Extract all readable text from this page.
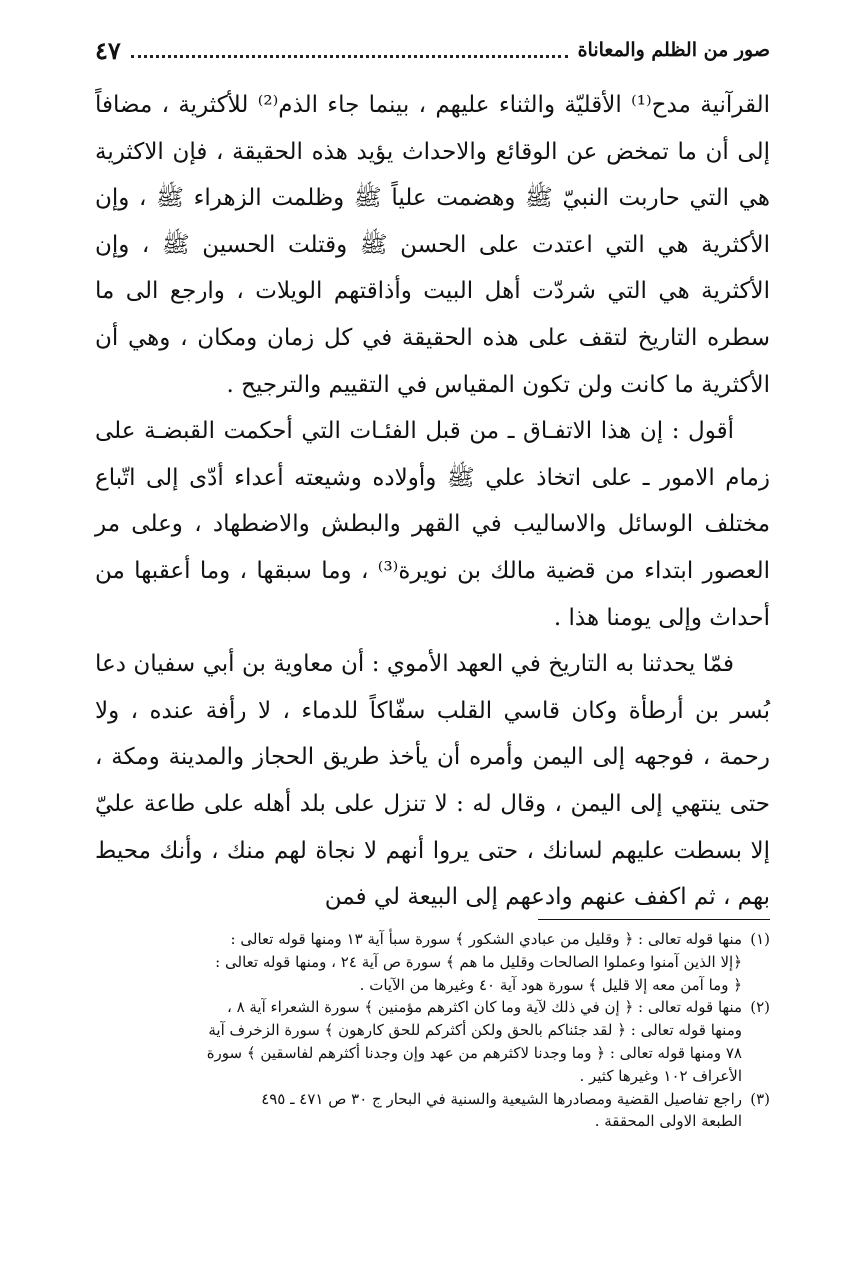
صور من الظلم والمعاناة
٤٧

القرآنية مدح⁽¹⁾ الأقليّة والثناء عليهم ، بينما جاء الذم⁽²⁾ للأكثرية ، مضافاً إلى أن ما تمخض عن الوقائع والاحداث يؤيد هذه الحقيقة ، فإن الاكثرية هي التي حاربت النبيّ ﷺ وهضمت علياً ﷺ وظلمت الزهراء ﷺ ، وإن الأكثرية هي التي اعتدت على الحسن ﷺ وقتلت الحسين ﷺ ، وإن الأكثرية هي التي شردّت أهل البيت وأذاقتهم الويلات ، وارجع الى ما سطره التاريخ لتقف على هذه الحقيقة في كل زمان ومكان ، وهي أن الأكثرية ما كانت ولن تكون المقياس في التقييم والترجيح .

أقول : إن هذا الاتفـاق ـ من قبل الفئـات التي أحكمت القبضـة على زمام الامور ـ على اتخاذ علي ﷺ وأولاده وشيعته أعداء أدّى إلى اتّباع مختلف الوسائل والاساليب في القهر والبطش والاضطهاد ، وعلى مر العصور ابتداء من قضية مالك بن نويرة⁽³⁾ ، وما سبقها ، وما أعقبها من أحداث وإلى يومنا هذا .

فمّا يحدثنا به التاريخ في العهد الأموي : أن معاوية بن أبي سفيان دعا بُسر بن أرطأة وكان قاسي القلب سفّاكاً للدماء ، لا رأفة عنده ، ولا رحمة ، فوجهه إلى اليمن وأمره أن يأخذ طريق الحجاز والمدينة ومكة ، حتى ينتهي إلى اليمن ، وقال له : لا تنزل على بلد أهله على طاعة عليّ إلا بسطت عليهم لسانك ، حتى يروا أنهم لا نجاة لهم منك ، وأنك محيط بهم ، ثم اكفف عنهم وادعهم إلى البيعة لي فمن

(١)
منها قوله تعالى : ﴿ وقليل من عبادي الشكور ﴾ سورة سبأ آية ١٣ ومنها قوله تعالى :
﴿إلا الذين آمنوا وعملوا الصالحات وقليل ما هم ﴾ سورة ص آية ٢٤ ، ومنها قوله تعالى :
﴿ وما آمن معه إلا قليل ﴾ سورة هود آية ٤٠ وغيرها من الآيات .
(٢)
منها قوله تعالى : ﴿ إن في ذلك لآية وما كان اكثرهم مؤمنين ﴾ سورة الشعراء آية ٨ ،
ومنها قوله تعالى : ﴿ لقد جئناكم بالحق ولكن أكثركم للحق كارهون ﴾ سورة الزخرف آية
٧٨ ومنها قوله تعالى : ﴿ وما وجدنا لاكثرهم من عهد وإن وجدنا أكثرهم لفاسقين ﴾ سورة
الأعراف ١٠٢ وغيرها كثير .
(٣)
راجع تفاصيل القضية ومصادرها الشيعية والسنية في البحار ج ٣٠ ص ٤٧١ ـ ٤٩٥
الطبعة الاولى المحققة .
